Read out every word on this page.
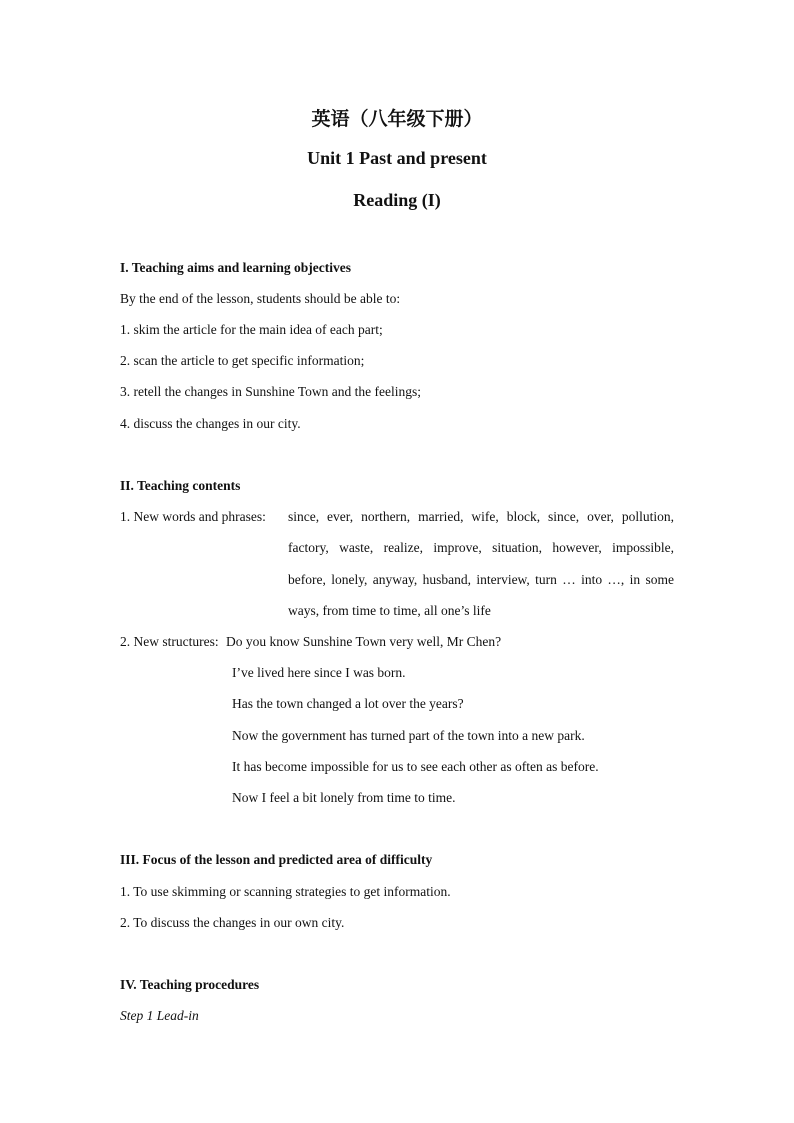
英语（八年级下册）
Unit 1 Past and present
Reading (I)
I. Teaching aims and learning objectives
By the end of the lesson, students should be able to:
1. skim the article for the main idea of each part;
2. scan the article to get specific information;
3. retell the changes in Sunshine Town and the feelings;
4. discuss the changes in our city.
II. Teaching contents
1. New words and phrases: since, ever, northern, married, wife, block, since, over, pollution,
factory, waste, realize, improve, situation, however, impossible,
before, lonely, anyway, husband, interview, turn … into …, in some
ways, from time to time, all one’s life
2. New structures: Do you know Sunshine Town very well, Mr Chen?
I’ve lived here since I was born.
Has the town changed a lot over the years?
Now the government has turned part of the town into a new park.
It has become impossible for us to see each other as often as before.
Now I feel a bit lonely from time to time.
III. Focus of the lesson and predicted area of difficulty
1. To use skimming or scanning strategies to get information.
2. To discuss the changes in our own city.
IV. Teaching procedures
Step 1 Lead-in
